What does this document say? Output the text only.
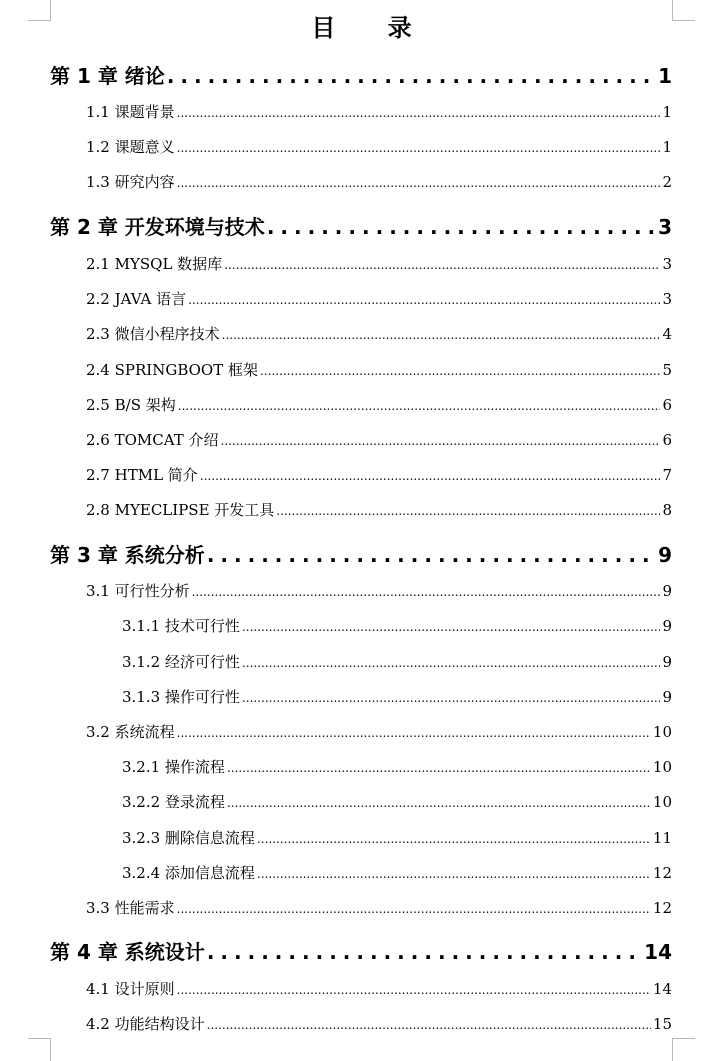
目 录
第 1 章 绪论 .....	1
1.1 课题背景 .....	1
1.2 课题意义 .....	1
1.3 研究内容 .....	2
第 2 章 开发环境与技术 .....	3
2.1 MYSQL 数据库 .....	3
2.2 JAVA 语言 .....	3
2.3 微信小程序技术 .....	4
2.4 SPRINGBOOT 框架 .....	5
2.5 B/S 架构 .....	6
2.6 TOMCAT 介绍 .....	6
2.7 HTML 简介 .....	7
2.8 MYECLIPSE 开发工具 .....	8
第 3 章 系统分析 .....	9
3.1 可行性分析 .....	9
3.1.1 技术可行性 .....	9
3.1.2 经济可行性 .....	9
3.1.3 操作可行性 .....	9
3.2 系统流程 .....	10
3.2.1 操作流程 .....	10
3.2.2 登录流程 .....	10
3.2.3 删除信息流程 .....	11
3.2.4 添加信息流程 .....	12
3.3 性能需求 .....	12
第 4 章 系统设计 .....	14
4.1 设计原则 .....	14
4.2 功能结构设计 .....	15
